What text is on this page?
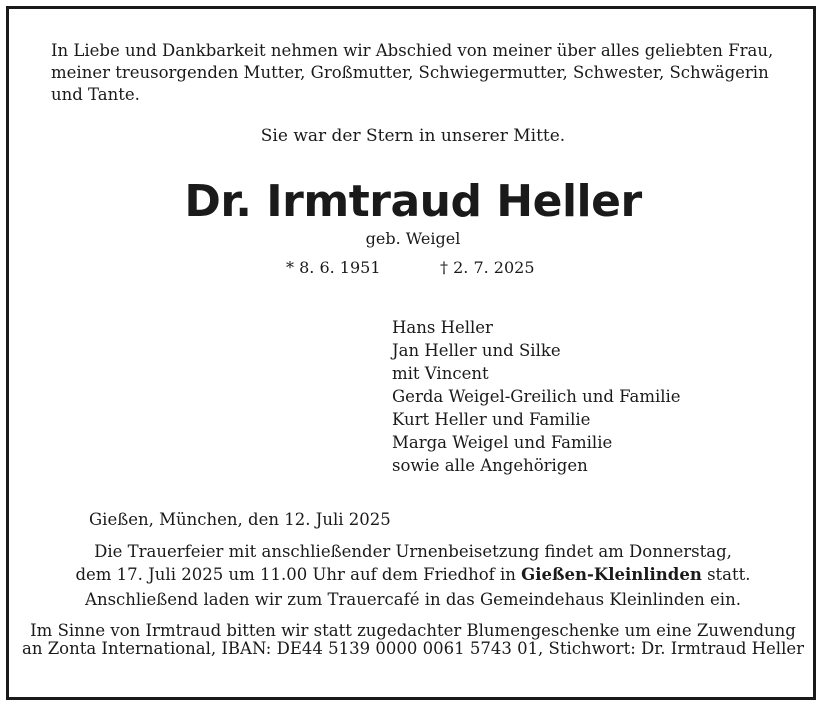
In Liebe und Dankbarkeit nehmen wir Abschied von meiner über alles geliebten Frau, meiner treusorgenden Mutter, Großmutter, Schwiegermutter, Schwester, Schwägerin und Tante.

Sie war der Stern in unserer Mitte.

Dr. Irmtraud Heller

geb. Weigel

* 8. 6. 1951	† 2. 7. 2025

Hans Heller
Jan Heller und Silke
mit Vincent
Gerda Weigel-Greilich und Familie
Kurt Heller und Familie
Marga Weigel und Familie
sowie alle Angehörigen

Gießen, München, den 12. Juli 2025

Die Trauerfeier mit anschließender Urnenbeisetzung findet am Donnerstag,

dem 17. Juli 2025 um 11.00 Uhr auf dem Friedhof in Gießen-Kleinlinden statt.

Anschließend laden wir zum Trauercafé in das Gemeindehaus Kleinlinden ein.

Im Sinne von Irmtraud bitten wir statt zugedachter Blumengeschenke um eine Zuwendung

an Zonta International, IBAN: DE44 5139 0000 0061 5743 01, Stichwort: Dr. Irmtraud Heller
